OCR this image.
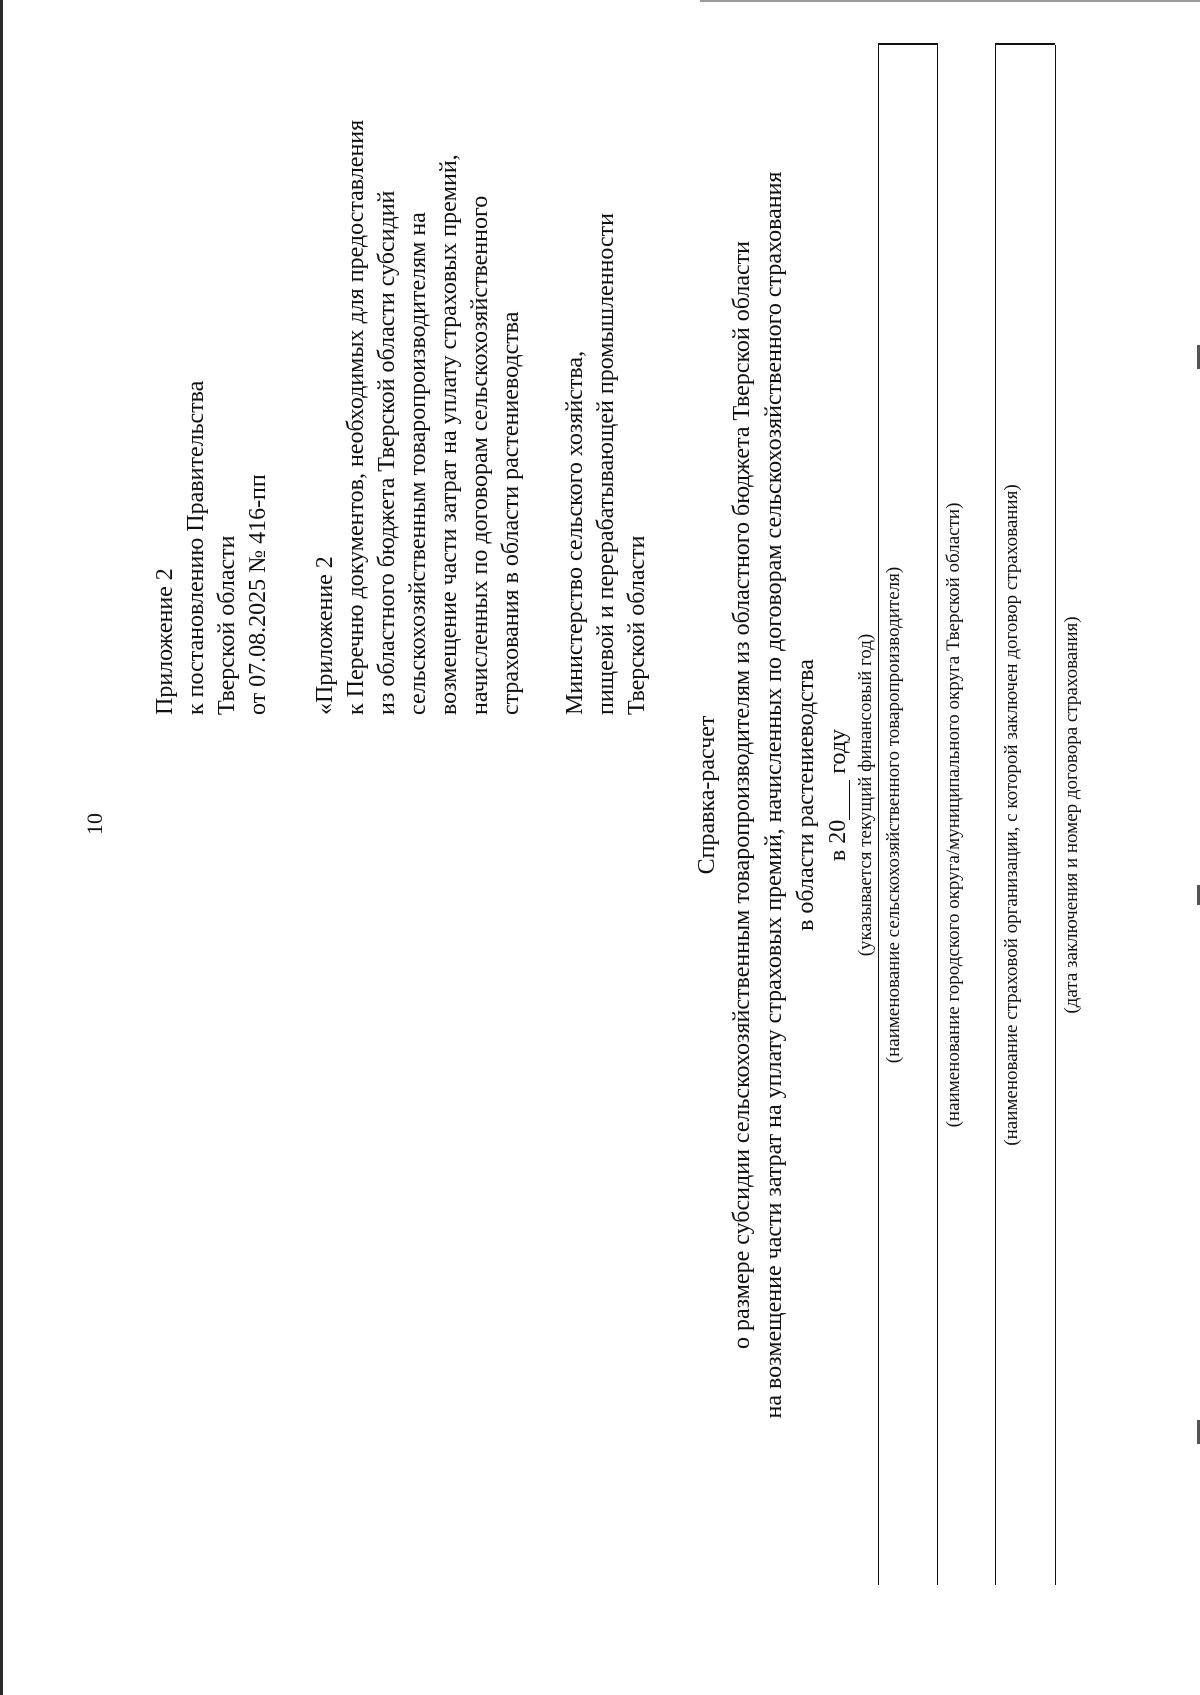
10
Приложение 2 к постановлению Правительства Тверской области от 07.08.2025 № 416-пп «Приложение 2 к Перечню документов, необходимых для предоставления из областного бюджета Тверской области субсидий сельскохозяйственным товаропроизводителям на возмещение части затрат на уплату страховых премий, начисленных по договорам сельскохозяйственного страхования в области растениеводства Министерство сельского хозяйства, пищевой и перерабатывающей промышленности Тверской области
Справка-расчет о размере субсидии сельскохозяйственным товаропроизводителям из областного бюджета Тверской области на возмещение части затрат на уплату страховых премий, начисленных по договорам сельскохозяйственного страхования в области растениеводства в 20 году (указывается текущий финансовый год) (наименование сельскохозяйственного товаропроизводителя) (наименование городского округа/муниципального округа Тверской области) (наименование страховой организации, с которой заключен договор страхования) (дата заключения и номер договора страхования)
